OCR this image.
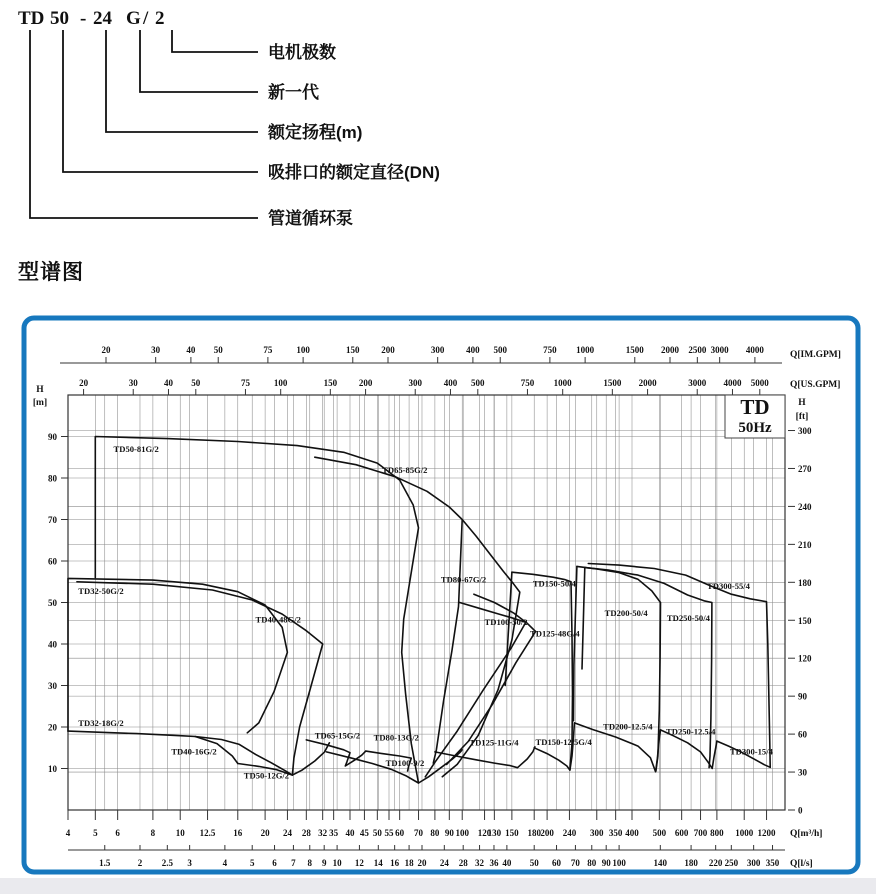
TD 50 - 24 G / 2
电机极数
新一代
额定扬程(m)
吸排口的额定直径(DN)
管道循环泵
型谱图
20	30	40 50	75	100	150 200	300 400 500	750 1000	1500 2000 2500 3000 4000	Q[IM.GPM]
20	30	40 50	75	100	150 200	300 400 500	750 1000	1500 2000	3000 4000 5000 Q[US.GPM]
H
[m]
10
20
30
40
50
60
70
80
90
H
[ft]
0
30
60
90
120
150
180
210
240
270
300
4	5 6	8 10 12.5 16 20 24 28 32 35 40 45 50 55 60 70 80 90 100 120
130 150 180 200 240 300 350 400 500 600 700 800 1000 1200 Q[m³/h]
1.5	2 2.5 3	4	5 6 7 8 9 10 12 14 16 18 20 24 28 32 36 40 50 60 70 80 90 100	140 180 220 250 300 350 Q[l/s]
TD
50Hz
TD50-81G/2
TD65-85G/2
TD32-50G/2
TD40-48G/2
TD80-67G/2
TD100-50/2
TD125-48G/4
TD150-50/4
TD200-50/4 TD250-50/4
TD300-55/4
TD32-18G/2
TD40-16G/2
TD50-12G/2
TD65-15G/2 TD80-13G/2
TD100-9/2
TD125-11G/4 TD150-12.5G/4
TD200-12.5/4 TD250-12.5/4
TD300-15/4
